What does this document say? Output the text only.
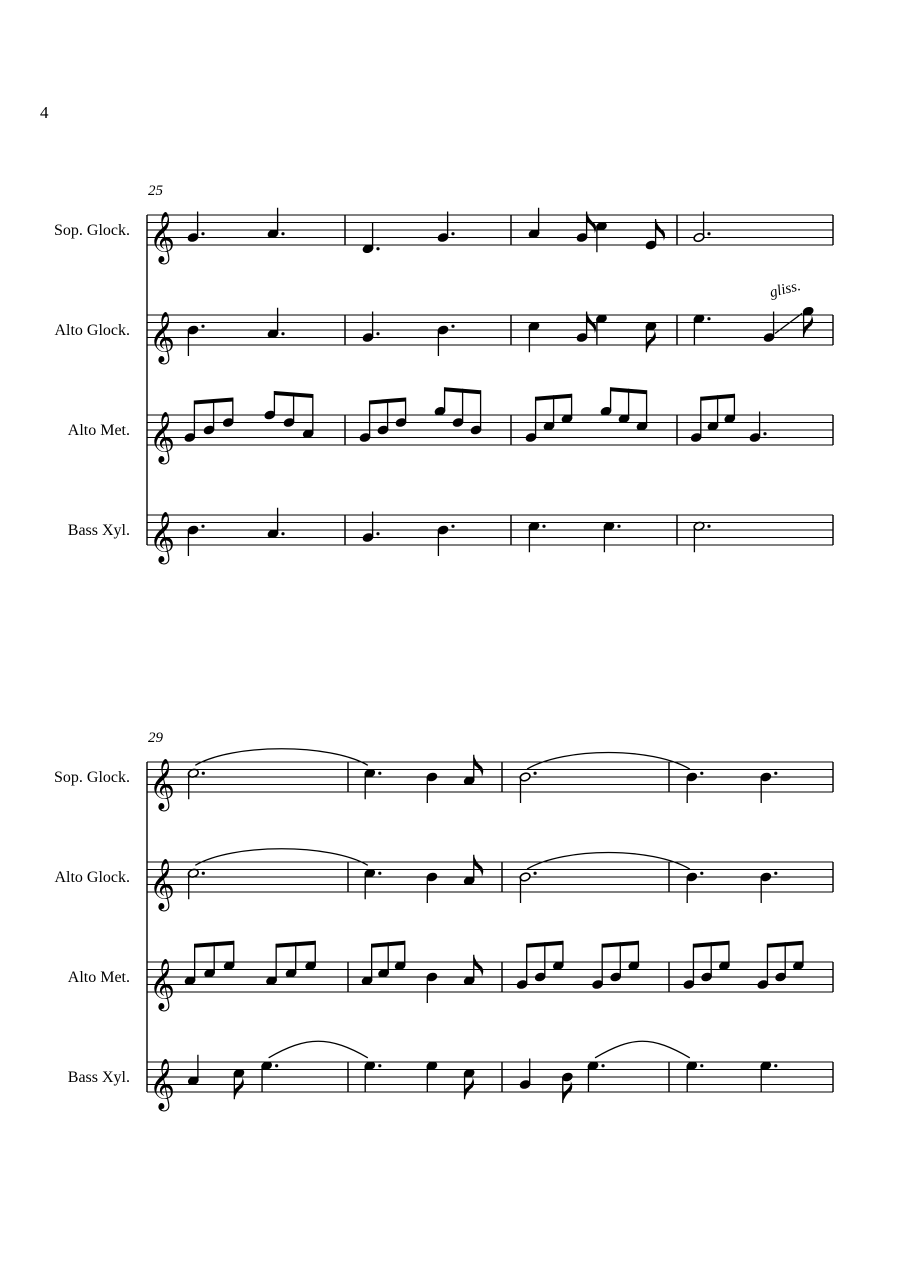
4
25
Sop. Glock. 𝄞
Alto Glock. 𝄞
gliss.
Alto Met. 𝄞
Bass Xyl. 𝄞
29
Sop. Glock. 𝄞
Alto Glock. 𝄞
Alto Met. 𝄞
Bass Xyl. 𝄞
